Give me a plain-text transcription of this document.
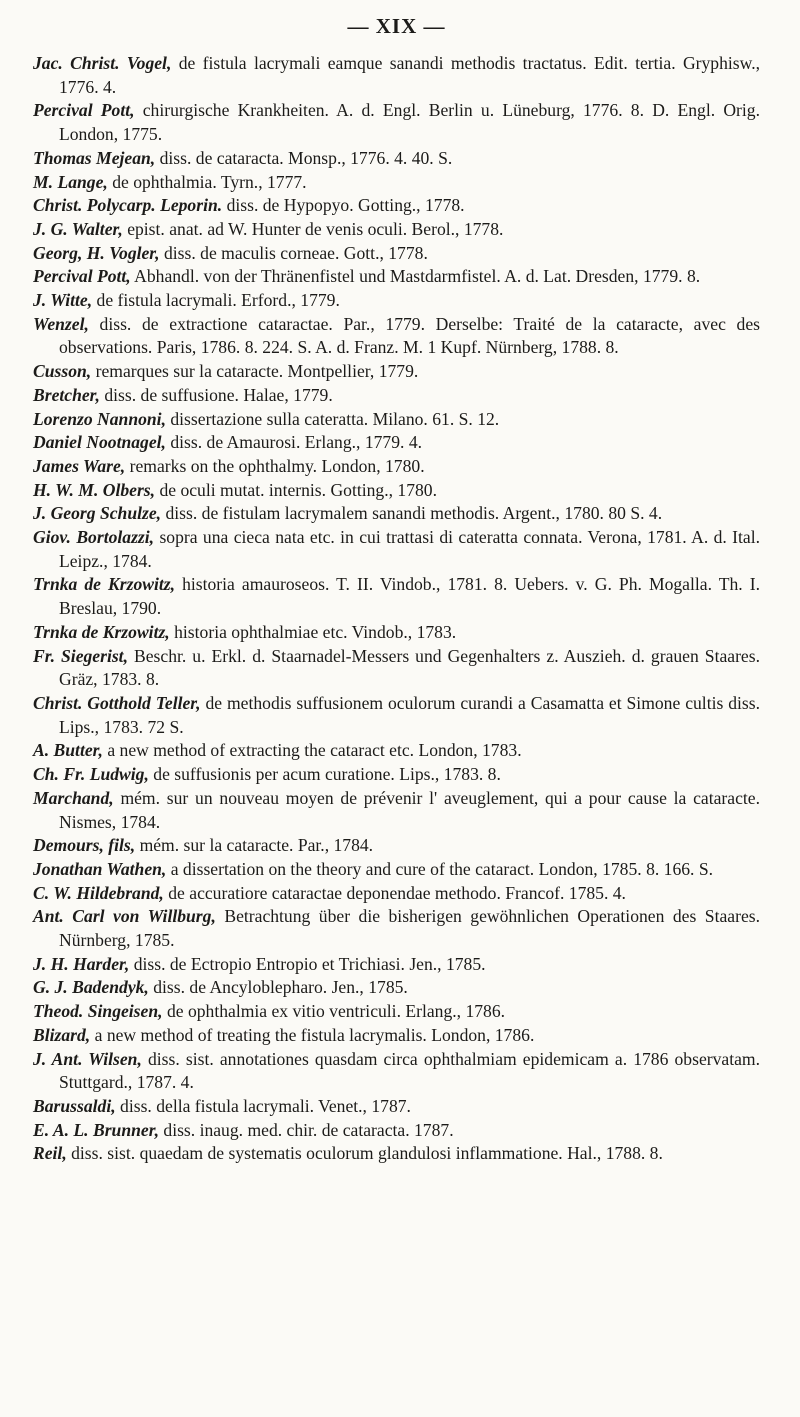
— XIX —
Jac. Christ. Vogel, de fistula lacrymali eamque sanandi methodis tractatus. Edit. tertia. Gryphisw., 1776. 4.
Percival Pott, chirurgische Krankheiten. A. d. Engl. Berlin u. Lüneburg, 1776. 8. D. Engl. Orig. London, 1775.
Thomas Mejean, diss. de cataracta. Monsp., 1776. 4. 40. S.
M. Lange, de ophthalmia. Tyrn., 1777.
Christ. Polycarp. Leporin. diss. de Hypopyo. Gotting., 1778.
J. G. Walter, epist. anat. ad W. Hunter de venis oculi. Berol., 1778.
Georg, H. Vogler, diss. de maculis corneae. Gott., 1778.
Percival Pott, Abhandl. von der Thränenfistel und Mastdarmfistel. A. d. Lat. Dresden, 1779. 8.
J. Witte, de fistula lacrymali. Erford., 1779.
Wenzel, diss. de extractione cataractae. Par., 1779. Derselbe: Traité de la cataracte, avec des observations. Paris, 1786. 8. 224. S. A. d. Franz. M. 1 Kupf. Nürnberg, 1788. 8.
Cusson, remarques sur la cataracte. Montpellier, 1779.
Bretcher, diss. de suffusione. Halae, 1779.
Lorenzo Nannoni, dissertazione sulla cateratta. Milano. 61. S. 12.
Daniel Nootnagel, diss. de Amaurosi. Erlang., 1779. 4.
James Ware, remarks on the ophthalmy. London, 1780.
H. W. M. Olbers, de oculi mutat. internis. Gotting., 1780.
J. Georg Schulze, diss. de fistulam lacrymalem sanandi methodis. Argent., 1780. 80 S. 4.
Giov. Bortolazzi, sopra una cieca nata etc. in cui trattasi di cateratta connata. Verona, 1781. A. d. Ital. Leipz., 1784.
Trnka de Krzowitz, historia amauroseos. T. II. Vindob., 1781. 8. Uebers. v. G. Ph. Mogalla. Th. I. Breslau, 1790.
Trnka de Krzowitz, historia ophthalmiae etc. Vindob., 1783.
Fr. Siegerist, Beschr. u. Erkl. d. Staarnadel-Messers und Gegenhalters z. Auszieh. d. grauen Staares. Gräz, 1783. 8.
Christ. Gotthold Teller, de methodis suffusionem oculorum curandi a Casamatta et Simone cultis diss. Lips., 1783. 72 S.
A. Butter, a new method of extracting the cataract etc. London, 1783.
Ch. Fr. Ludwig, de suffusionis per acum curatione. Lips., 1783. 8.
Marchand, mém. sur un nouveau moyen de prévenir l' aveuglement, qui a pour cause la cataracte. Nismes, 1784.
Demours, fils, mém. sur la cataracte. Par., 1784.
Jonathan Wathen, a dissertation on the theory and cure of the cataract. London, 1785. 8. 166. S.
C. W. Hildebrand, de accuratiore cataractae deponendae methodo. Francof. 1785. 4.
Ant. Carl von Willburg, Betrachtung über die bisherigen gewöhnlichen Operationen des Staares. Nürnberg, 1785.
J. H. Harder, diss. de Ectropio Entropio et Trichiasi. Jen., 1785.
G. J. Badendyk, diss. de Ancyloblepharo. Jen., 1785.
Theod. Singeisen, de ophthalmia ex vitio ventriculi. Erlang., 1786.
Blizard, a new method of treating the fistula lacrymalis. London, 1786.
J. Ant. Wilsen, diss. sist. annotationes quasdam circa ophthalmiam epidemicam a. 1786 observatam. Stuttgard., 1787. 4.
Barussaldi, diss. della fistula lacrymali. Venet., 1787.
E. A. L. Brunner, diss. inaug. med. chir. de cataracta. 1787.
Reil, diss. sist. quaedam de systematis oculorum glandulosi inflammatione. Hal., 1788. 8.
